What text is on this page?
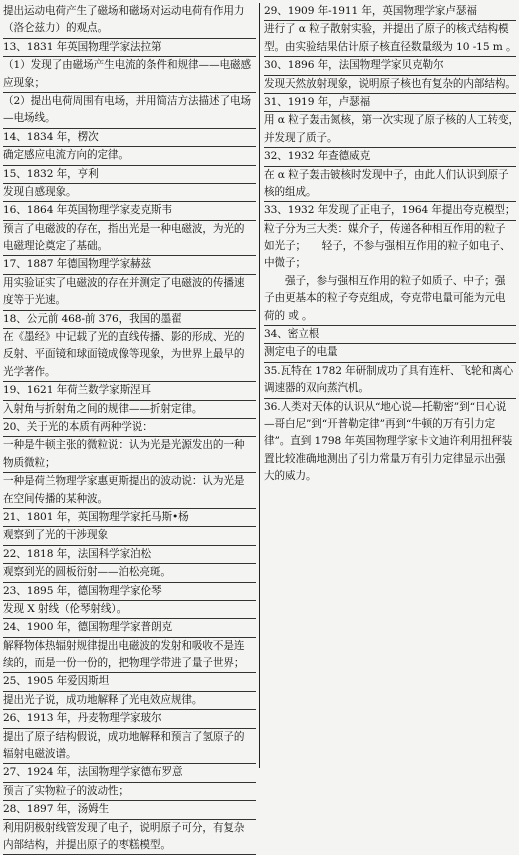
提出运动电荷产生了磁场和磁场对运动电荷有作用力
（洛仑兹力）的观点。
13、1831 年英国物理学家法拉第
（1）发现了由磁场产生电流的条件和规律——电磁感
应现象；
（2）提出电荷周围有电场，并用简洁方法描述了电场
—电场线。
14、1834 年，楞次
确定感应电流方向的定律。
15、1832 年，亨利
发现自感现象。
16、1864 年英国物理学家麦克斯韦
预言了电磁波的存在，指出光是一种电磁波，为光的
电磁理论奠定了基础。
17、1887 年德国物理学家赫兹
用实验证实了电磁波的存在并测定了电磁波的传播速
度等于光速。
18、公元前 468-前 376，我国的墨翟
在《墨经》中记载了光的直线传播、影的形成、光的
反射、平面镜和球面镜成像等现象，为世界上最早的
光学著作。
19、1621 年荷兰数学家斯涅耳
入射角与折射角之间的规律——折射定律。
20、关于光的本质有两种学说：
一种是牛顿主张的微粒说：认为光是光源发出的一种
物质微粒；
一种是荷兰物理学家惠更斯提出的波动说：认为光是
在空间传播的某种波。
21、1801 年，英国物理学家托马斯•杨
观察到了光的干涉现象
22、1818 年，法国科学家泊松
观察到光的圆板衍射——泊松亮斑。
23、1895 年，德国物理学家伦琴
发现 X 射线（伦琴射线）。
24、1900 年，德国物理学家普朗克
解释物体热辐射规律提出电磁波的发射和吸收不是连
续的，而是一份一份的，把物理学带进了量子世界；
25、1905 年爱因斯坦
提出光子说，成功地解释了光电效应规律。
26、1913 年，丹麦物理学家玻尔
提出了原子结构假说，成功地解释和预言了氢原子的
辐射电磁波谱。
27、1924 年，法国物理学家德布罗意
预言了实物粒子的波动性；
28、1897 年，汤姆生
利用阴极射线管发现了电子，说明原子可分，有复杂
内部结构，并提出原子的枣糕模型。
29、1909 年-1911 年，英国物理学家卢瑟福
进行了 α 粒子散射实验，并提出了原子的核式结构模
型。由实验结果估计原子核直径数量级为 10 -15 m 。
30、1896 年，法国物理学家贝克勒尔
发现天然放射现象，说明原子核也有复杂的内部结构。
31、1919 年，卢瑟福
用 α 粒子轰击氮核，第一次实现了原子核的人工转变，
并发现了质子。
32、1932 年查德威克
在 α 粒子轰击铍核时发现中子，由此人们认识到原子
核的组成。
33、1932 年发现了正电子，1964 年提出夸克模型；
粒子分为三大类：媒介子，传递各种相互作用的粒子
如光子；　　轻子，不参与强相互作用的粒子如电子、
中微子；
　　强子，参与强相互作用的粒子如质子、中子；强
子由更基本的粒子夸克组成，夸克带电量可能为元电
荷的 或 。
34、密立根
测定电子的电量
35.瓦特在 1782 年研制成功了具有连杆、飞轮和离心
调速器的双向蒸汽机。
36.人类对天体的认识从“地心说—托勒密”到“日心说
—哥白尼”到“开普勒定律”再到“牛顿的万有引力定
律”。直到 1798 年英国物理学家卡文迪许利用扭秤装
置比较准确地测出了引力常量万有引力定律显示出强
大的威力。
